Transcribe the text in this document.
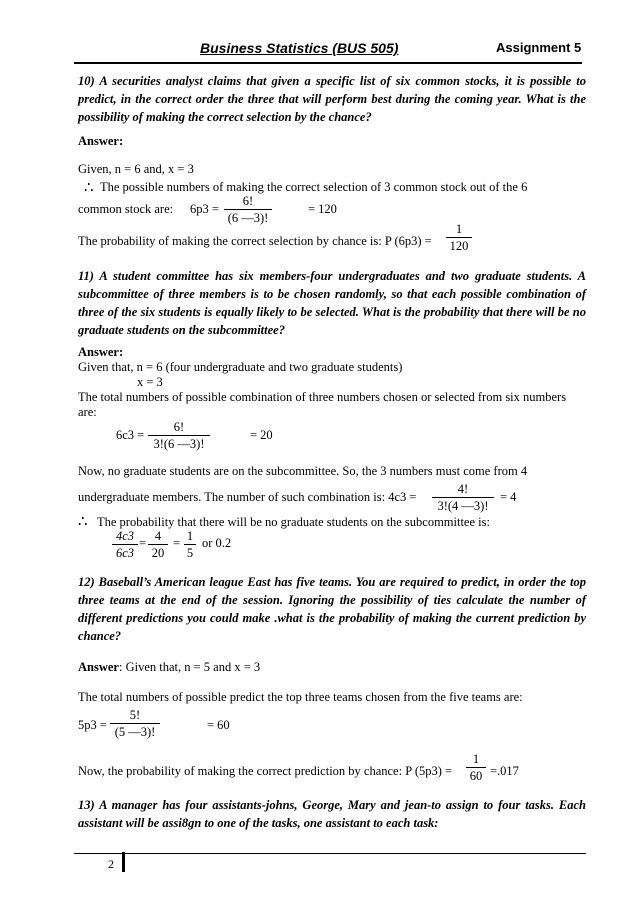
Business Statistics (BUS 505)	Assignment 5
10) A securities analyst claims that given a specific list of six common stocks, it is possible to predict, in the correct order the three that will perform best during the coming year. What is the possibility of making the correct selection by the chance?
Answer:
Given, n = 6 and, x = 3
∴ The possible numbers of making the correct selection of 3 common stock out of the 6
common stock are: 6p3 =
6!
(6 —3)!
= 120
The probability of making the correct selection by chance is: P (6p3) =
1
120
11) A student committee has six members-four undergraduates and two graduate students. A subcommittee of three members is to be chosen randomly, so that each possible combination of three of the six students is equally likely to be selected. What is the probability that there will be no graduate students on the subcommittee?
Answer:
Given that, n = 6 (four undergraduate and two graduate students)
x = 3
The total numbers of possible combination of three numbers chosen or selected from six numbers
are:
6c3 =
6!
3!(6 —3)!
= 20
Now, no graduate students are on the subcommittee. So, the 3 numbers must come from 4
undergraduate members. The number of such combination is: 4c3 =
4!
3!(4 —3)!
= 4
∴ The probability that there will be no graduate students on the subcommittee is:
4c3
6c3
= 4
20
= 1
5
or 0.2
12) Baseball’s American league East has five teams. You are required to predict, in order the top three teams at the end of the session. Ignoring the possibility of ties calculate the number of different predictions you could make .what is the probability of making the current prediction by chance?
Answer: Given that, n = 5 and x = 3
The total numbers of possible predict the top three teams chosen from the five teams are:
5p3 =
5!
(5 —3)!	= 60
Now, the probability of making the correct prediction by chance: P (5p3) =
1
60 =.017
13) A manager has four assistants-johns, George, Mary and jean-to assign to four tasks. Each assistant will be assi8gn to one of the tasks, one assistant to each task:
2
